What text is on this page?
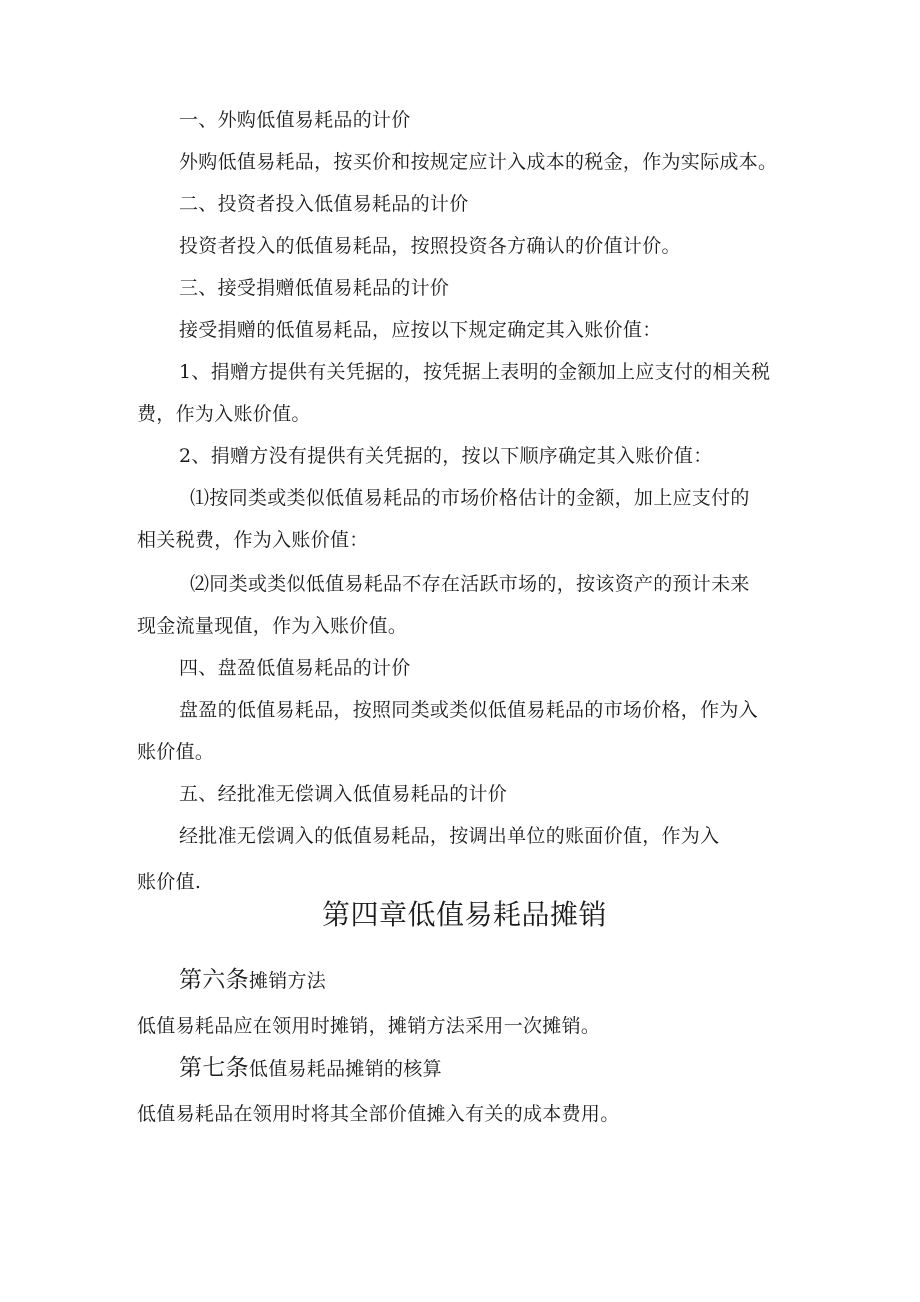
一、外购低值易耗品的计价
外购低值易耗品，按买价和按规定应计入成本的税金，作为实际成本。
二、投资者投入低值易耗品的计价
投资者投入的低值易耗品，按照投资各方确认的价值计价。
三、接受捐赠低值易耗品的计价
接受捐赠的低值易耗品，应按以下规定确定其入账价值：
1、捐赠方提供有关凭据的，按凭据上表明的金额加上应支付的相关税
费，作为入账价值。
2、捐赠方没有提供有关凭据的，按以下顺序确定其入账价值：
⑴按同类或类似低值易耗品的市场价格估计的金额，加上应支付的
相关税费，作为入账价值：
⑵同类或类似低值易耗品不存在活跃市场的，按该资产的预计未来
现金流量现值，作为入账价值。
四、盘盈低值易耗品的计价
盘盈的低值易耗品，按照同类或类似低值易耗品的市场价格，作为入
账价值。
五、经批准无偿调入低值易耗品的计价
经批准无偿调入的低值易耗品，按调出单位的账面价值，作为入
账价值.
第四章低值易耗品摊销
第六条摊销方法
低值易耗品应在领用时摊销，摊销方法采用一次摊销。
第七条低值易耗品摊销的核算
低值易耗品在领用时将其全部价值摊入有关的成本费用。
